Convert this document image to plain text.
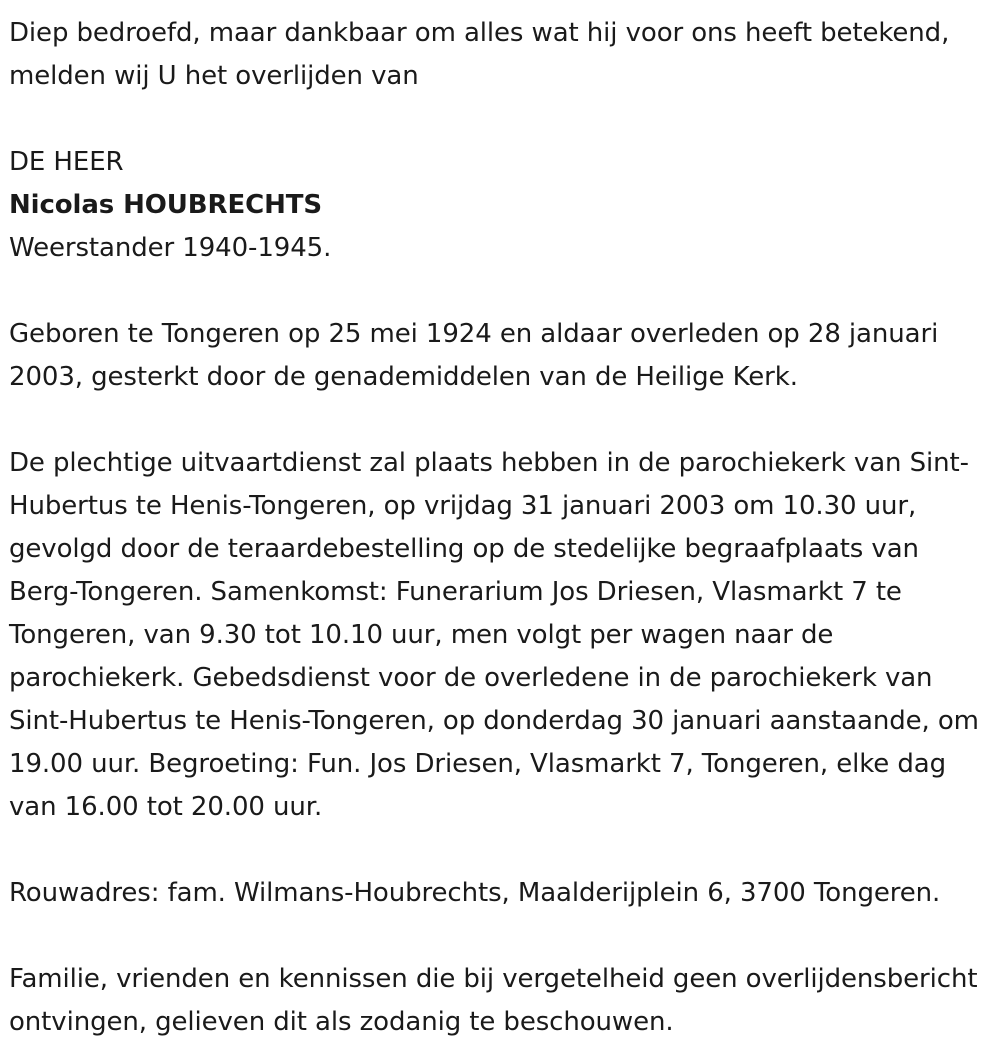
Diep bedroefd, maar dankbaar om alles wat hij voor ons heeft betekend, melden wij U het overlijden van

DE HEER

Nicolas HOUBRECHTS

Weerstander 1940-1945.

Geboren te Tongeren op 25 mei 1924 en aldaar overleden op 28 januari 2003, gesterkt door de genademiddelen van de Heilige Kerk.

De plechtige uitvaartdienst zal plaats hebben in de parochiekerk van Sint-Hubertus te Henis-Tongeren, op vrijdag 31 januari 2003 om 10.30 uur, gevolgd door de teraardebestelling op de stedelijke begraafplaats van Berg-Tongeren. Samenkomst: Funerarium Jos Driesen, Vlasmarkt 7 te Tongeren, van 9.30 tot 10.10 uur, men volgt per wagen naar de parochiekerk. Gebedsdienst voor de overledene in de parochiekerk van Sint-Hubertus te Henis-Tongeren, op donderdag 30 januari aanstaande, om 19.00 uur. Begroeting: Fun. Jos Driesen, Vlasmarkt 7, Tongeren, elke dag van 16.00 tot 20.00 uur.

Rouwadres: fam. Wilmans-Houbrechts, Maalderijplein 6, 3700 Tongeren.

Familie, vrienden en kennissen die bij vergetelheid geen overlijdensbericht ontvingen, gelieven dit als zodanig te beschouwen.
